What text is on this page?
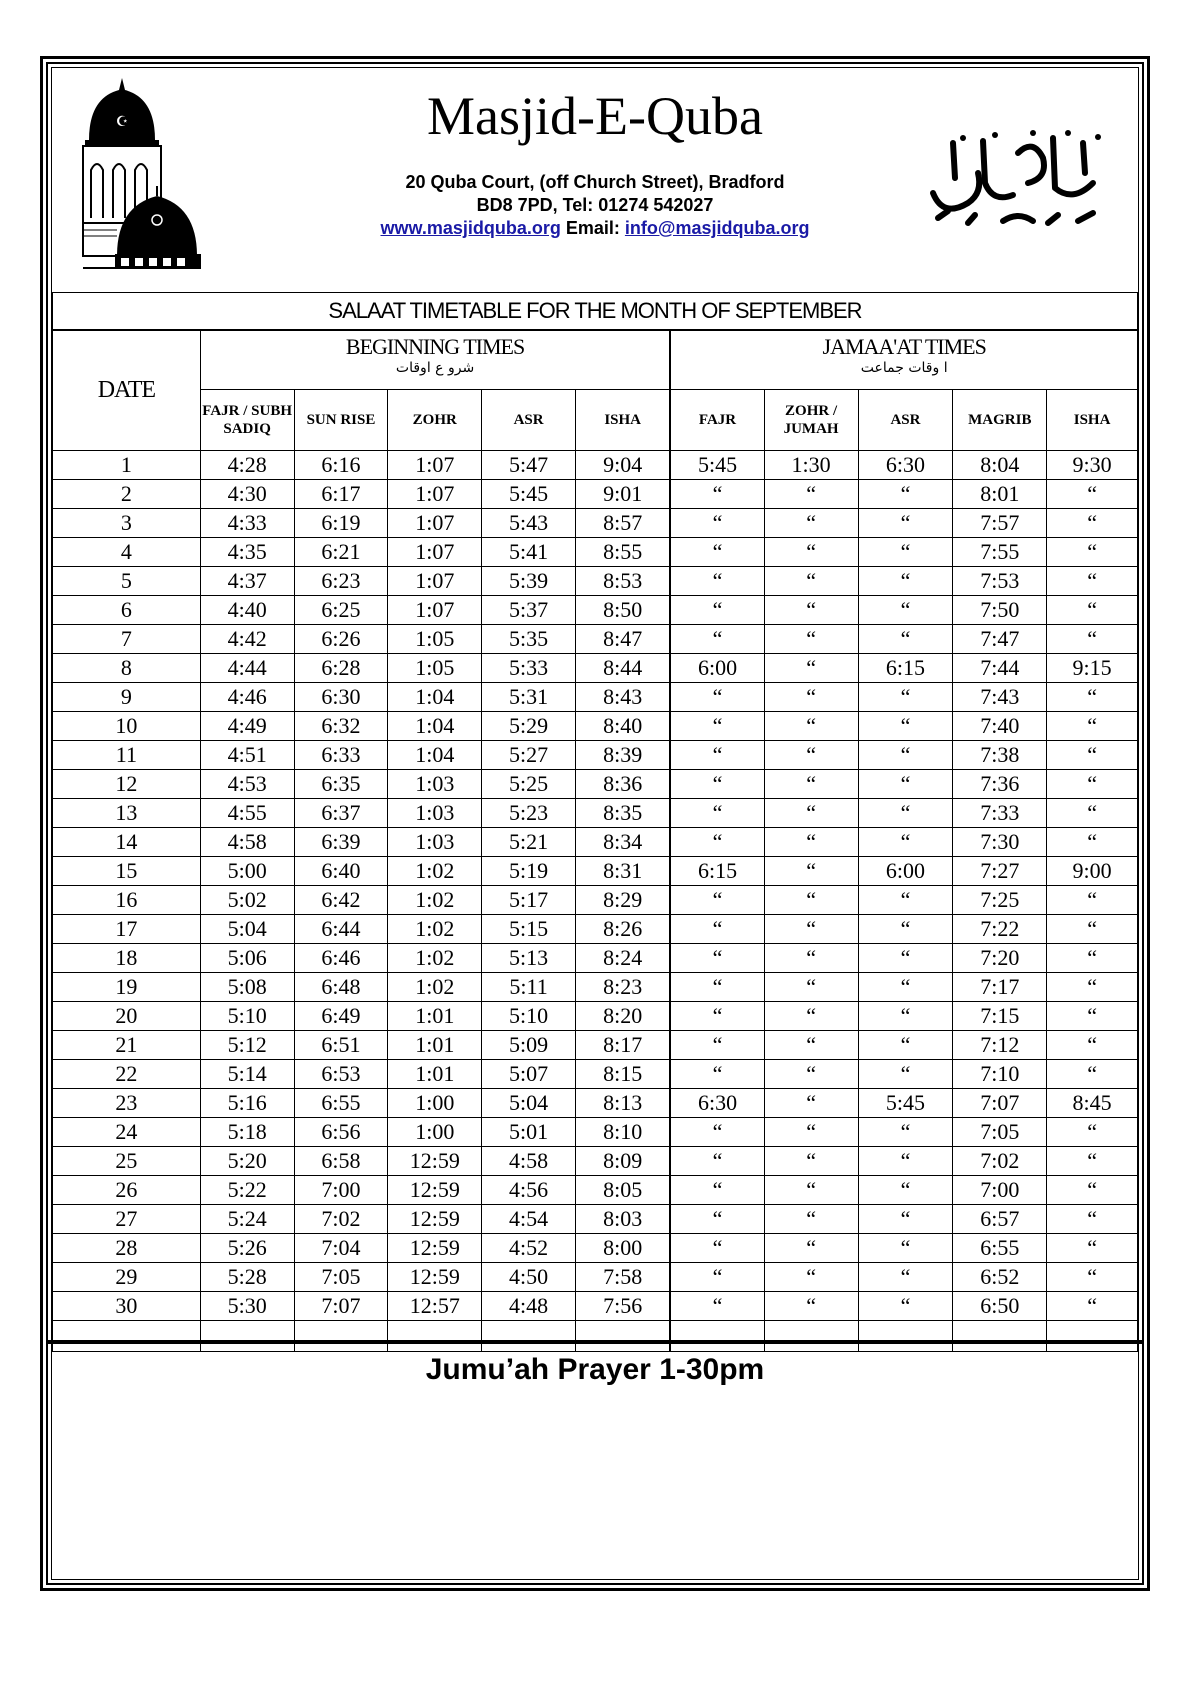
☪	Masjid-E-Quba
20 Quba Court, (off Church Street), Bradford
BD8 7PD, Tel: 01274 542027
www.masjidquba.org Email: info@masjidquba.org
SALAAT TIMETABLE FOR THE MONTH OF SEPTEMBER										
DATE	BEGINNING TIMES
شرو ع اوقات					JAMAA'AT TIMES
ا وقات جماعت				

	FAJR / SUBH SADIQ	SUN RISE	ZOHR	ASR	ISHA	FAJR	ZOHR / JUMAH	ASR	MAGRIB	ISHA
1	4:28	6:16	1:07	5:47	9:04	5:45	1:30	6:30	8:04	9:30
2	4:30	6:17	1:07	5:45	9:01	“	“	“	8:01	“
3	4:33	6:19	1:07	5:43	8:57	“	“	“	7:57	“
4	4:35	6:21	1:07	5:41	8:55	“	“	“	7:55	“
5	4:37	6:23	1:07	5:39	8:53	“	“	“	7:53	“
6	4:40	6:25	1:07	5:37	8:50	“	“	“	7:50	“
7	4:42	6:26	1:05	5:35	8:47	“	“	“	7:47	“
8	4:44	6:28	1:05	5:33	8:44	6:00	“	6:15	7:44	9:15
9	4:46	6:30	1:04	5:31	8:43	“	“	“	7:43	“
10	4:49	6:32	1:04	5:29	8:40	“	“	“	7:40	“
11	4:51	6:33	1:04	5:27	8:39	“	“	“	7:38	“
12	4:53	6:35	1:03	5:25	8:36	“	“	“	7:36	“
13	4:55	6:37	1:03	5:23	8:35	“	“	“	7:33	“
14	4:58	6:39	1:03	5:21	8:34	“	“	“	7:30	“
15	5:00	6:40	1:02	5:19	8:31	6:15	“	6:00	7:27	9:00
16	5:02	6:42	1:02	5:17	8:29	“	“	“	7:25	“
17	5:04	6:44	1:02	5:15	8:26	“	“	“	7:22	“
18	5:06	6:46	1:02	5:13	8:24	“	“	“	7:20	“
19	5:08	6:48	1:02	5:11	8:23	“	“	“	7:17	“
20	5:10	6:49	1:01	5:10	8:20	“	“	“	7:15	“
21	5:12	6:51	1:01	5:09	8:17	“	“	“	7:12	“
22	5:14	6:53	1:01	5:07	8:15	“	“	“	7:10	“
23	5:16	6:55	1:00	5:04	8:13	6:30	“	5:45	7:07	8:45
24	5:18	6:56	1:00	5:01	8:10	“	“	“	7:05	“
25	5:20	6:58	12:59	4:58	8:09	“	“	“	7:02	“
26	5:22	7:00	12:59	4:56	8:05	“	“	“	7:00	“
27	5:24	7:02	12:59	4:54	8:03	“	“	“	6:57	“
28	5:26	7:04	12:59	4:52	8:00	“	“	“	6:55	“
29	5:28	7:05	12:59	4:50	7:58	“	“	“	6:52	“
30	5:30	7:07	12:57	4:48	7:56	“	“	“	6:50	“

Jumu’ah Prayer 1-30pm
